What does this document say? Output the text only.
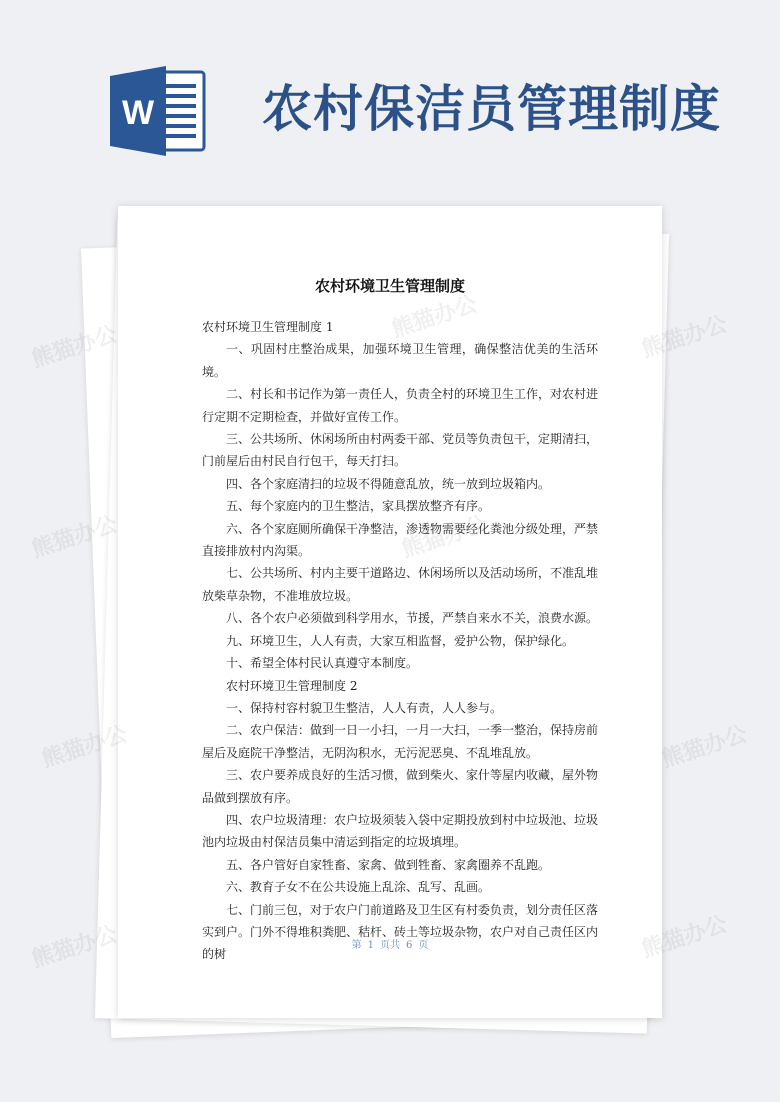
W 农村保洁员管理制度
农村环境卫生管理制度

农村环境卫生管理制度 1

一、巩固村庄整治成果，加强环境卫生管理，确保整洁优美的生活环境。

二、村长和书记作为第一责任人，负责全村的环境卫生工作，对农村进行定期不定期检查，并做好宣传工作。

三、公共场所、休闲场所由村两委干部、党员等负责包干，定期清扫，门前屋后由村民自行包干，每天打扫。

四、各个家庭清扫的垃圾不得随意乱放，统一放到垃圾箱内。

五、每个家庭内的卫生整洁，家具摆放整齐有序。

六、各个家庭厕所确保干净整洁，渗透物需要经化粪池分级处理，严禁直接排放村内沟渠。

七、公共场所、村内主要干道路边、休闲场所以及活动场所，不准乱堆放柴草杂物，不准堆放垃圾。

八、各个农户必须做到科学用水，节援，严禁自来水不关，浪费水源。

九、环境卫生，人人有责，大家互相监督，爱护公物，保护绿化。

十、希望全体村民认真遵守本制度。

农村环境卫生管理制度 2

一、保持村容村貌卫生整洁，人人有责，人人参与。

二、农户保洁：做到一日一小扫，一月一大扫，一季一整治，保持房前屋后及庭院干净整洁，无阴沟积水，无污泥恶臭、不乱堆乱放。

三、农户要养成良好的生活习惯，做到柴火、家什等屋内收藏，屋外物品做到摆放有序。

四、农户垃圾清理：农户垃圾须装入袋中定期投放到村中垃圾池、垃圾池内垃圾由村保洁员集中清运到指定的垃圾填埋。

五、各户管好自家牲畜、家禽、做到牲畜、家禽圈养不乱跑。

六、教育子女不在公共设施上乱涂、乱写、乱画。

七、门前三包，对于农户门前道路及卫生区有村委负责，划分责任区落实到户。门外不得堆积粪肥、秸杆、砖土等垃圾杂物，农户对自己责任区内的树

第 1 页共 6 页
熊猫办公	熊猫办公
熊猫办公
熊猫办公	熊猫办公
熊猫办公	熊猫办公
